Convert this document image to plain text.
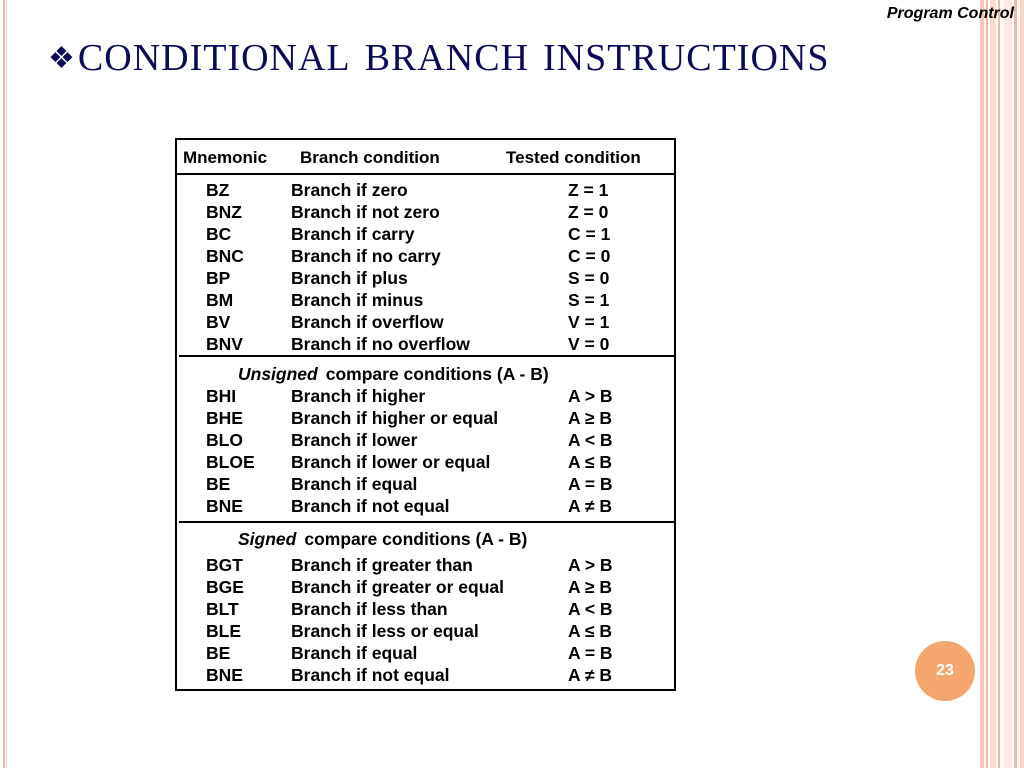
Program Control
❖CONDITIONAL BRANCH INSTRUCTIONS
Mnemonic Branch condition	Tested condition
BZ	Branch if zero	Z = 1
BNZ	Branch if not zero	Z = 0
BC	Branch if carry	C = 1
BNC	Branch if no carry	C = 0
BP	Branch if plus	S = 0
BM	Branch if minus	S = 1
BV	Branch if overflow	V = 1
BNV	Branch if no overflow	V = 0
Unsigned compare conditions (A - B)
BHI	Branch if higher	A > B
BHE	Branch if higher or equal	A ≥ B
BLO	Branch if lower	A < B
BLOE Branch if lower or equal	A ≤ B
BE	Branch if equal	A = B
BNE	Branch if not equal	A ≠ B
Signed compare conditions (A - B)
BGT	Branch if greater than	A > B
BGE	Branch if greater or equal	A ≥ B
BLT	Branch if less than	A < B
BLE	Branch if less or equal	A ≤ B
BE	Branch if equal	A = B
BNE	Branch if not equal	A ≠ B	23
